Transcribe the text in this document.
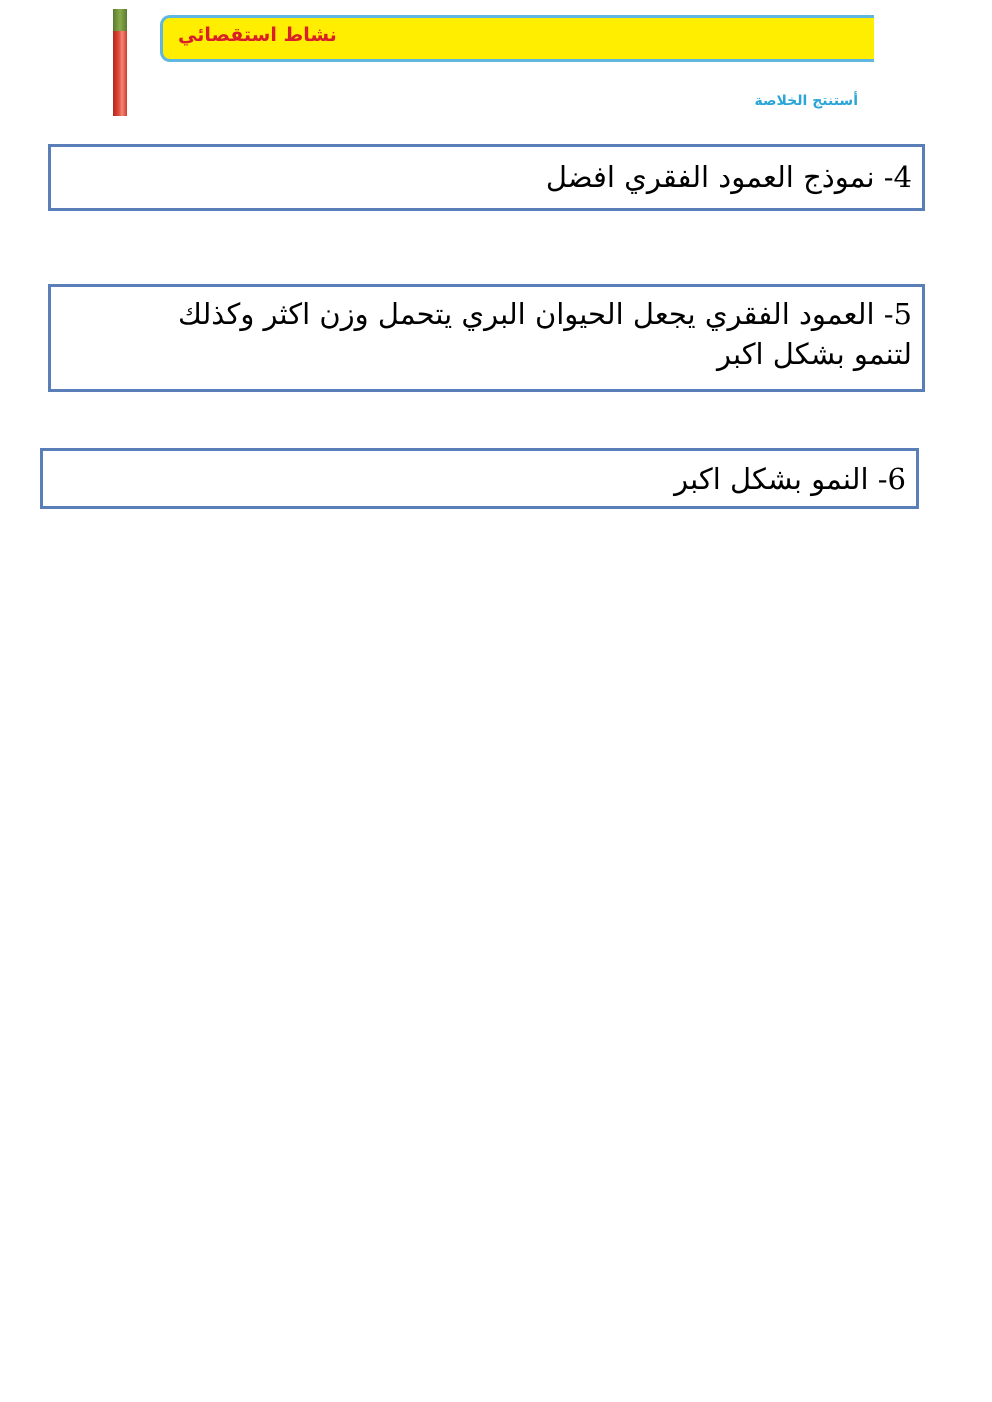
نشاط استقصائي
أستنتج الخلاصة
4- نموذج العمود الفقري افضل
5- العمود الفقري يجعل الحيوان البري يتحمل وزن اكثر وكذلك لتنمو بشكل اكبر
6- النمو بشكل اكبر
